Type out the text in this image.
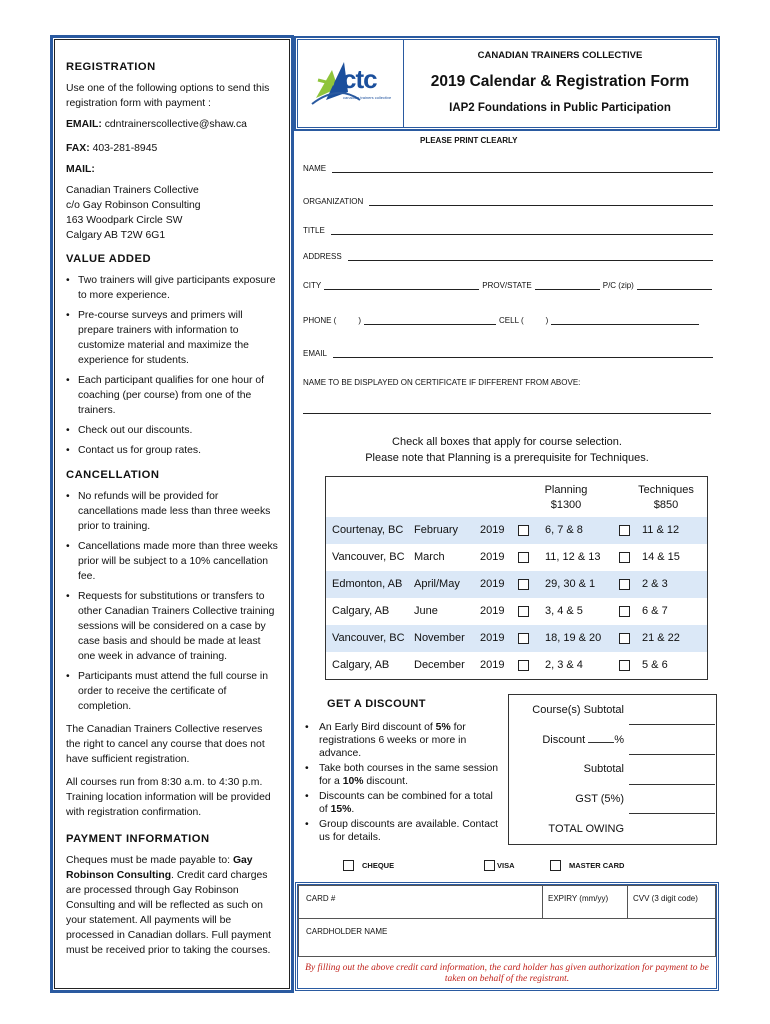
REGISTRATION
Use one of the following options to send this registration form with payment :
EMAIL: cdntrainerscollective@shaw.ca
FAX: 403-281-8945
MAIL:
Canadian Trainers Collective
c/o Gay Robinson Consulting
163 Woodpark Circle SW
Calgary AB T2W 6G1
VALUE ADDED
• Two trainers will give participants exposure to more experience.
• Pre-course surveys and primers will prepare trainers with information to customize material and maximize the experience for students.
• Each participant qualifies for one hour of coaching (per course) from one of the trainers.
• Check out our discounts.
• Contact us for group rates.
CANCELLATION
• No refunds will be provided for cancellations made less than three weeks prior to training.
• Cancellations made more than three weeks prior will be subject to a 10% cancellation fee.
• Requests for substitutions or transfers to other Canadian Trainers Collective training sessions will be considered on a case by case basis and should be made at least one week in advance of training.
• Participants must attend the full course in order to receive the certificate of completion.
The Canadian Trainers Collective reserves the right to cancel any course that does not have sufficient registration.
All courses run from 8:30 a.m. to 4:30 p.m. Training location information will be provided with registration confirmation.
PAYMENT INFORMATION
Cheques must be made payable to: Gay Robinson Consulting. Credit card charges are processed through Gay Robinson Consulting and will be reflected as such on your statement. All payments will be processed in Canadian dollars. Full payment must be received prior to taking the courses.
ctc
canadian trainers collective
CANADIAN TRAINERS COLLECTIVE
2019 Calendar & Registration Form
IAP2 Foundations in Public Participation
PLEASE PRINT CLEARLY
NAME
ORGANIZATION
TITLE
ADDRESS
CITY	PROV/STATE	P/C (zip)
PHONE (	)	CELL (	)
EMAIL
NAME TO BE DISPLAYED ON CERTIFICATE IF DIFFERENT FROM ABOVE:
Check all boxes that apply for course selection.
Please note that Planning is a prerequisite for Techniques.
Planning
$1300
Techniques
$850
Courtenay, BC February 2019	6, 7 & 8	11 & 12
Vancouver, BC March	2019	11, 12 & 13	14 & 15
Edmonton, AB April/May 2019	29, 30 & 1	2 & 3
Calgary, AB June	2019	3, 4 & 5	6 & 7
Vancouver, BC November 2019	18, 19 & 20	21 & 22
Calgary, AB December 2019	2, 3 & 4	5 & 6
GET A DISCOUNT
• An Early Bird discount of 5% for registrations 6 weeks or more in advance.
• Take both courses in the same session for a 10% discount.
• Discounts can be combined for a total of 15%.
• Group discounts are available. Contact us for details.
Course(s) Subtotal
Discount	%
Subtotal
GST (5%)
TOTAL OWING
CHEQUE	VISA	MASTER CARD
CARD #	EXPIRY (mm/yy)	CVV (3 digit code)
CARDHOLDER NAME
By filling out the above credit card information, the card holder has given authorization for payment to be taken on behalf of the registrant.
